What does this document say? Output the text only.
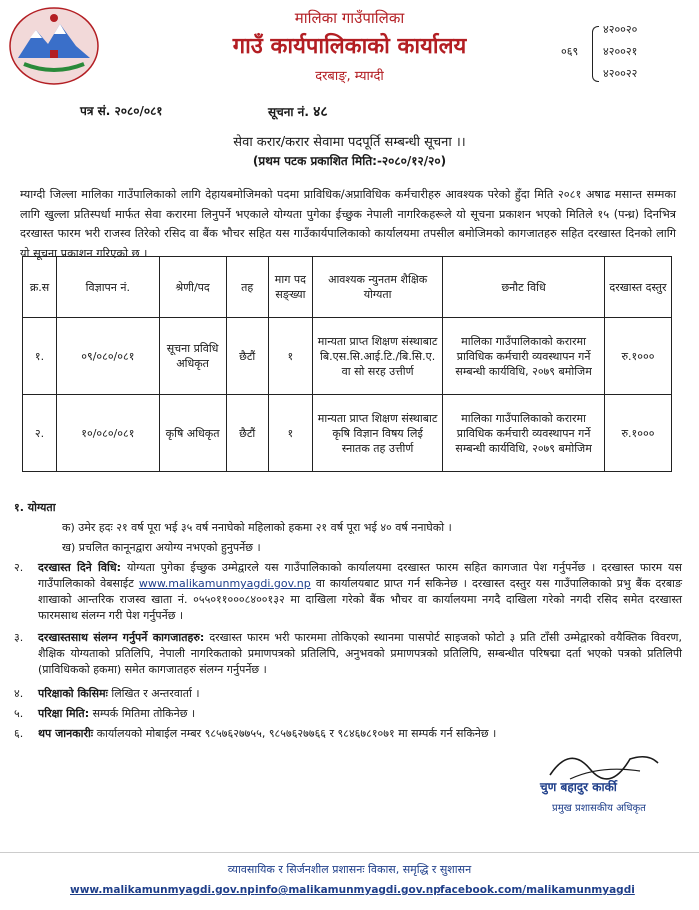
मालिका गाउँपालिका
गाउँ कार्यपालिकाको कार्यालय
दरबाङ्, म्याग्दी
०६९
४२००२०
४२००२१
४२००२२
पत्र सं. २०८०/०८१	सूचना नं. ४८
सेवा करार/करार सेवामा पदपूर्ति सम्बन्धी सूचना ।।
(प्रथम पटक प्रकाशित मिति:-२०८०/१२/२०)
म्याग्दी जिल्ला मालिका गाउँपालिकाको लागि देहायबमोजिमको पदमा प्राविधिक/अप्राविधिक कर्मचारीहरु आवश्यक परेको हुँदा मिति २०८१ अषाढ मसान्त सम्मका लागि खुल्ला प्रतिस्पर्धा मार्फत सेवा करारमा लिनुपर्ने भएकाले योग्यता पुगेका ईच्छुक नेपाली नागरिकहरूले यो सूचना प्रकाशन भएको मितिले १५ (पन्ध्र) दिनभित्र दरखास्त फारम भरी राजस्व तिरेको रसिद वा बैंक भौचर सहित यस गाउँकार्यपालिकाको कार्यालयमा तपसील बमोजिमको कागजातहरु सहित दरखास्त दिनको लागि यो सूचना प्रकाशन गरिएको छ ।
क्र.स	विज्ञापन नं.	श्रेणी/पद	तह	माग पद सङ्ख्या	आवश्यक न्युनतम शैक्षिक योग्यता	छनौट विधि	दरखास्त दस्तुर
१.	०९/०८०/०८१	सूचना प्रविधि अधिकृत	छैटौं	१	मान्यता प्राप्त शिक्षण संस्थाबाट बि.एस.सि.आई.टि./बि.सि.ए. वा सो सरह उत्तीर्ण	मालिका गाउँपालिकाको करारमा प्राविधिक कर्मचारी व्यवस्थापन गर्ने सम्बन्धी कार्यविधि, २०७९ बमोजिम	रु.१०००
२.	१०/०८०/०८१	कृषि अधिकृत	छैटौं	१	मान्यता प्राप्त शिक्षण संस्थाबाट कृषि विज्ञान विषय लिई स्नातक तह उत्तीर्ण	मालिका गाउँपालिकाको करारमा प्राविधिक कर्मचारी व्यवस्थापन गर्ने सम्बन्धी कार्यविधि, २०७९ बमोजिम	रु.१०००
१. योग्यता
क) उमेर हदः २१ वर्ष पूरा भई ३५ वर्ष ननाघेको महिलाको हकमा २१ वर्ष पूरा भई ४० वर्ष ननाघेको ।
ख) प्रचलित कानूनद्वारा अयोग्य नभएको हुनुपर्नेछ ।
२. दरखास्त दिने विधि: योग्यता पुगेका ईच्छुक उम्मेद्वारले यस गाउँपालिकाको कार्यालयमा दरखास्त फारम सहित कागजात पेश गर्नुपर्नेछ । दरखास्त फारम यस गाउँपालिकाको वेबसाईट www.malikamunmyagdi.gov.np वा कार्यालयबाट प्राप्त गर्न सकिनेछ । दरखास्त दस्तुर यस गाउँपालिकाको प्रभु बैंक दरबाङ शाखाको आन्तरिक राजस्व खाता नं. ०५५०११०००८४००१३२ मा दाखिला गरेको बैंक भौचर वा कार्यालयमा नगदै दाखिला गरेको नगदी रसिद समेत दरखास्त फारमसाथ संलग्न गरी पेश गर्नुपर्नेछ ।
३. दरखास्तसाथ संलग्न गर्नुपर्ने कागजातहरु: दरखास्त फारम भरी फारममा तोकिएको स्थानमा पासपोर्ट साइजको फोटो ३ प्रति टाँसी उम्मेद्वारको वयैक्तिक विवरण, शैक्षिक योग्यताको प्रतिलिपि, नेपाली नागरिकताको प्रमाणपत्रको प्रतिलिपि, अनुभवको प्रमाणपत्रको प्रतिलिपि, सम्बन्धीत परिषद्मा दर्ता भएको पत्रको प्रतिलिपी (प्राविधिकको हकमा) समेत कागजातहरु संलग्न गर्नुपर्नेछ ।
४. परिक्षाको किसिमः लिखित र अन्तरवार्ता ।
५. परिक्षा मिति: सम्पर्क मितिमा तोकिनेछ ।
६. थप जानकारीः कार्यालयको मोबाईल नम्बर ९८५७६२७७५५, ९८५७६२७७६६ र ९८४६७८१०७१ मा सम्पर्क गर्न सकिनेछ ।
चुण बहादुर कार्की
प्रमुख प्रशासकीय अधिकृत
व्यावसायिक र सिर्जनशील प्रशासनः विकास, समृद्धि र सुशासन
www.malikamunmyagdi.gov.np info@malikamunmyagdi.gov.np facebook.com/malikamunmyagdi
